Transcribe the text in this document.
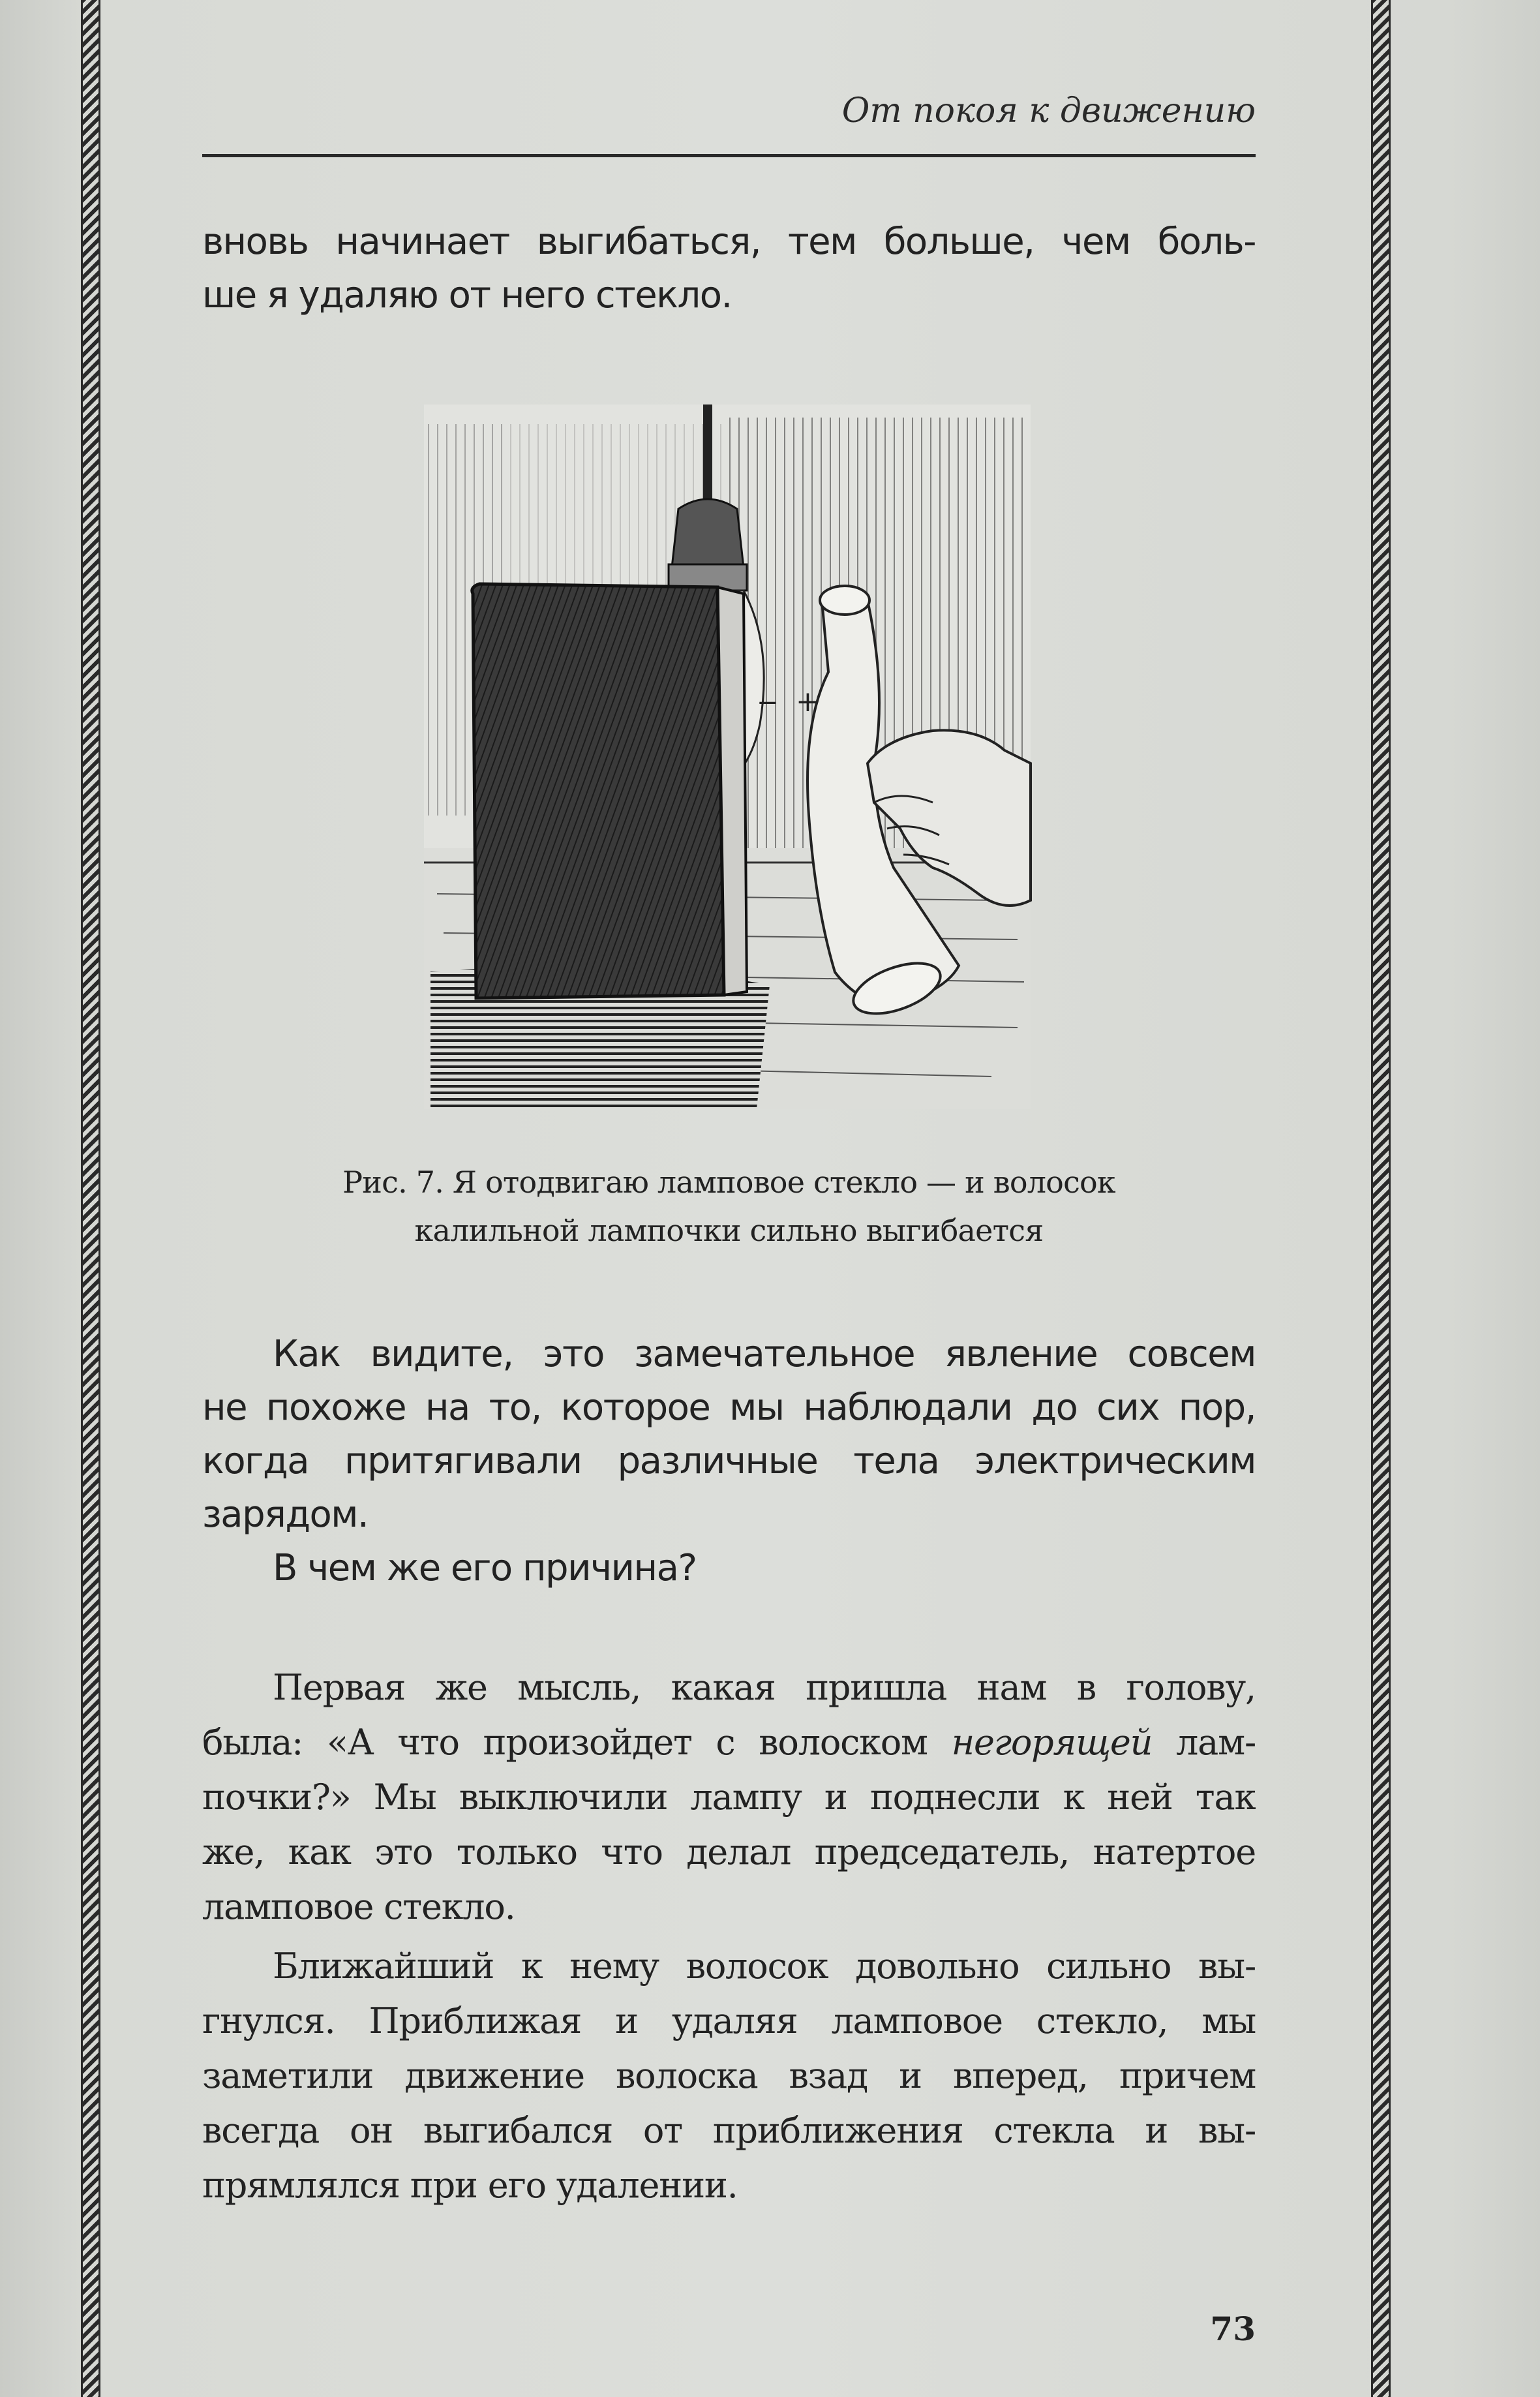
От покоя к движению
вновь начинает выгибаться, тем больше, чем боль-
ше я удаляю от него стекло.
− +
Рис. 7. Я отодвигаю ламповое стекло — и волосок
калильной лампочки сильно выгибается
Как видите, это замечательное явление совсем
не похоже на то, которое мы наблюдали до сих пор,
когда притягивали различные тела электрическим
зарядом.
В чем же его причина?
Первая же мысль, какая пришла нам в голову,
была: «А что произойдет с волоском негорящей лам-
почки?» Мы выключили лампу и поднесли к ней так
же, как это только что делал председатель, натертое
ламповое стекло.
Ближайший к нему волосок довольно сильно вы-
гнулся. Приближая и удаляя ламповое стекло, мы
заметили движение волоска взад и вперед, причем
всегда он выгибался от приближения стекла и вы-
прямлялся при его удалении.
73
